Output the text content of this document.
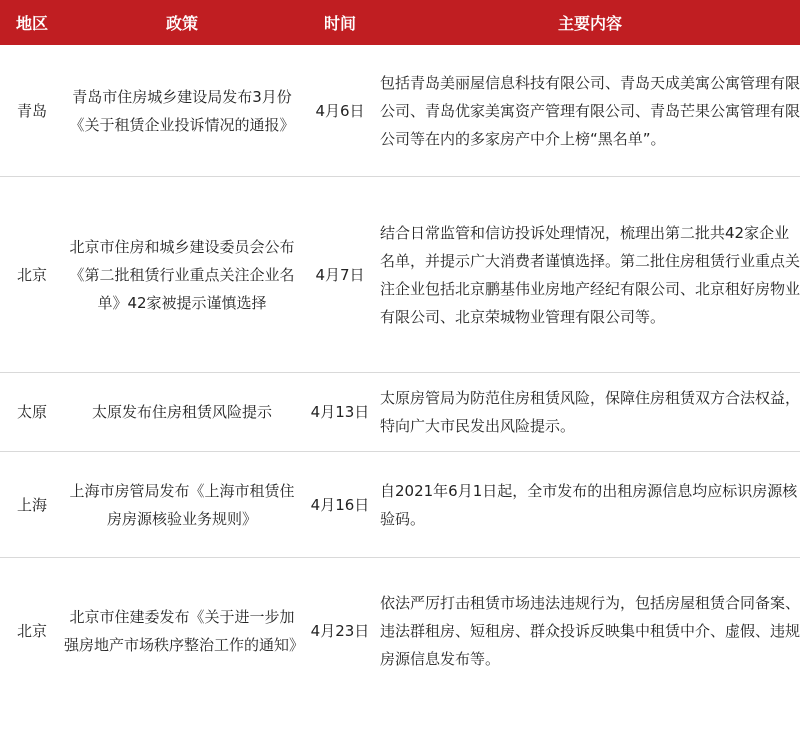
地区	政策	时间	主要内容
青岛	青岛市住房城乡建设局发布3月份《关于租赁企业投诉情况的通报》	4月6日	包括青岛美丽屋信息科技有限公司、青岛天成美寓公寓管理有限公司、青岛优家美寓资产管理有限公司、青岛芒果公寓管理有限公司等在内的多家房产中介上榜“黑名单”。
北京	北京市住房和城乡建设委员会公布《第二批租赁行业重点关注企业名单》42家被提示谨慎选择	4月7日	结合日常监管和信访投诉处理情况，梳理出第二批共42家企业名单，并提示广大消费者谨慎选择。第二批住房租赁行业重点关注企业包括北京鹏基伟业房地产经纪有限公司、北京租好房物业有限公司、北京荣城物业管理有限公司等。
太原	太原发布住房租赁风险提示	4月13日	太原房管局为防范住房租赁风险，保障住房租赁双方合法权益，特向广大市民发出风险提示。
上海	上海市房管局发布《上海市租赁住房房源核验业务规则》	4月16日	自2021年6月1日起，全市发布的出租房源信息均应标识房源核验码。
北京	北京市住建委发布《关于进一步加强房地产市场秩序整治工作的通知》	4月23日	依法严厉打击租赁市场违法违规行为，包括房屋租赁合同备案、违法群租房、短租房、群众投诉反映集中租赁中介、虚假、违规房源信息发布等。
